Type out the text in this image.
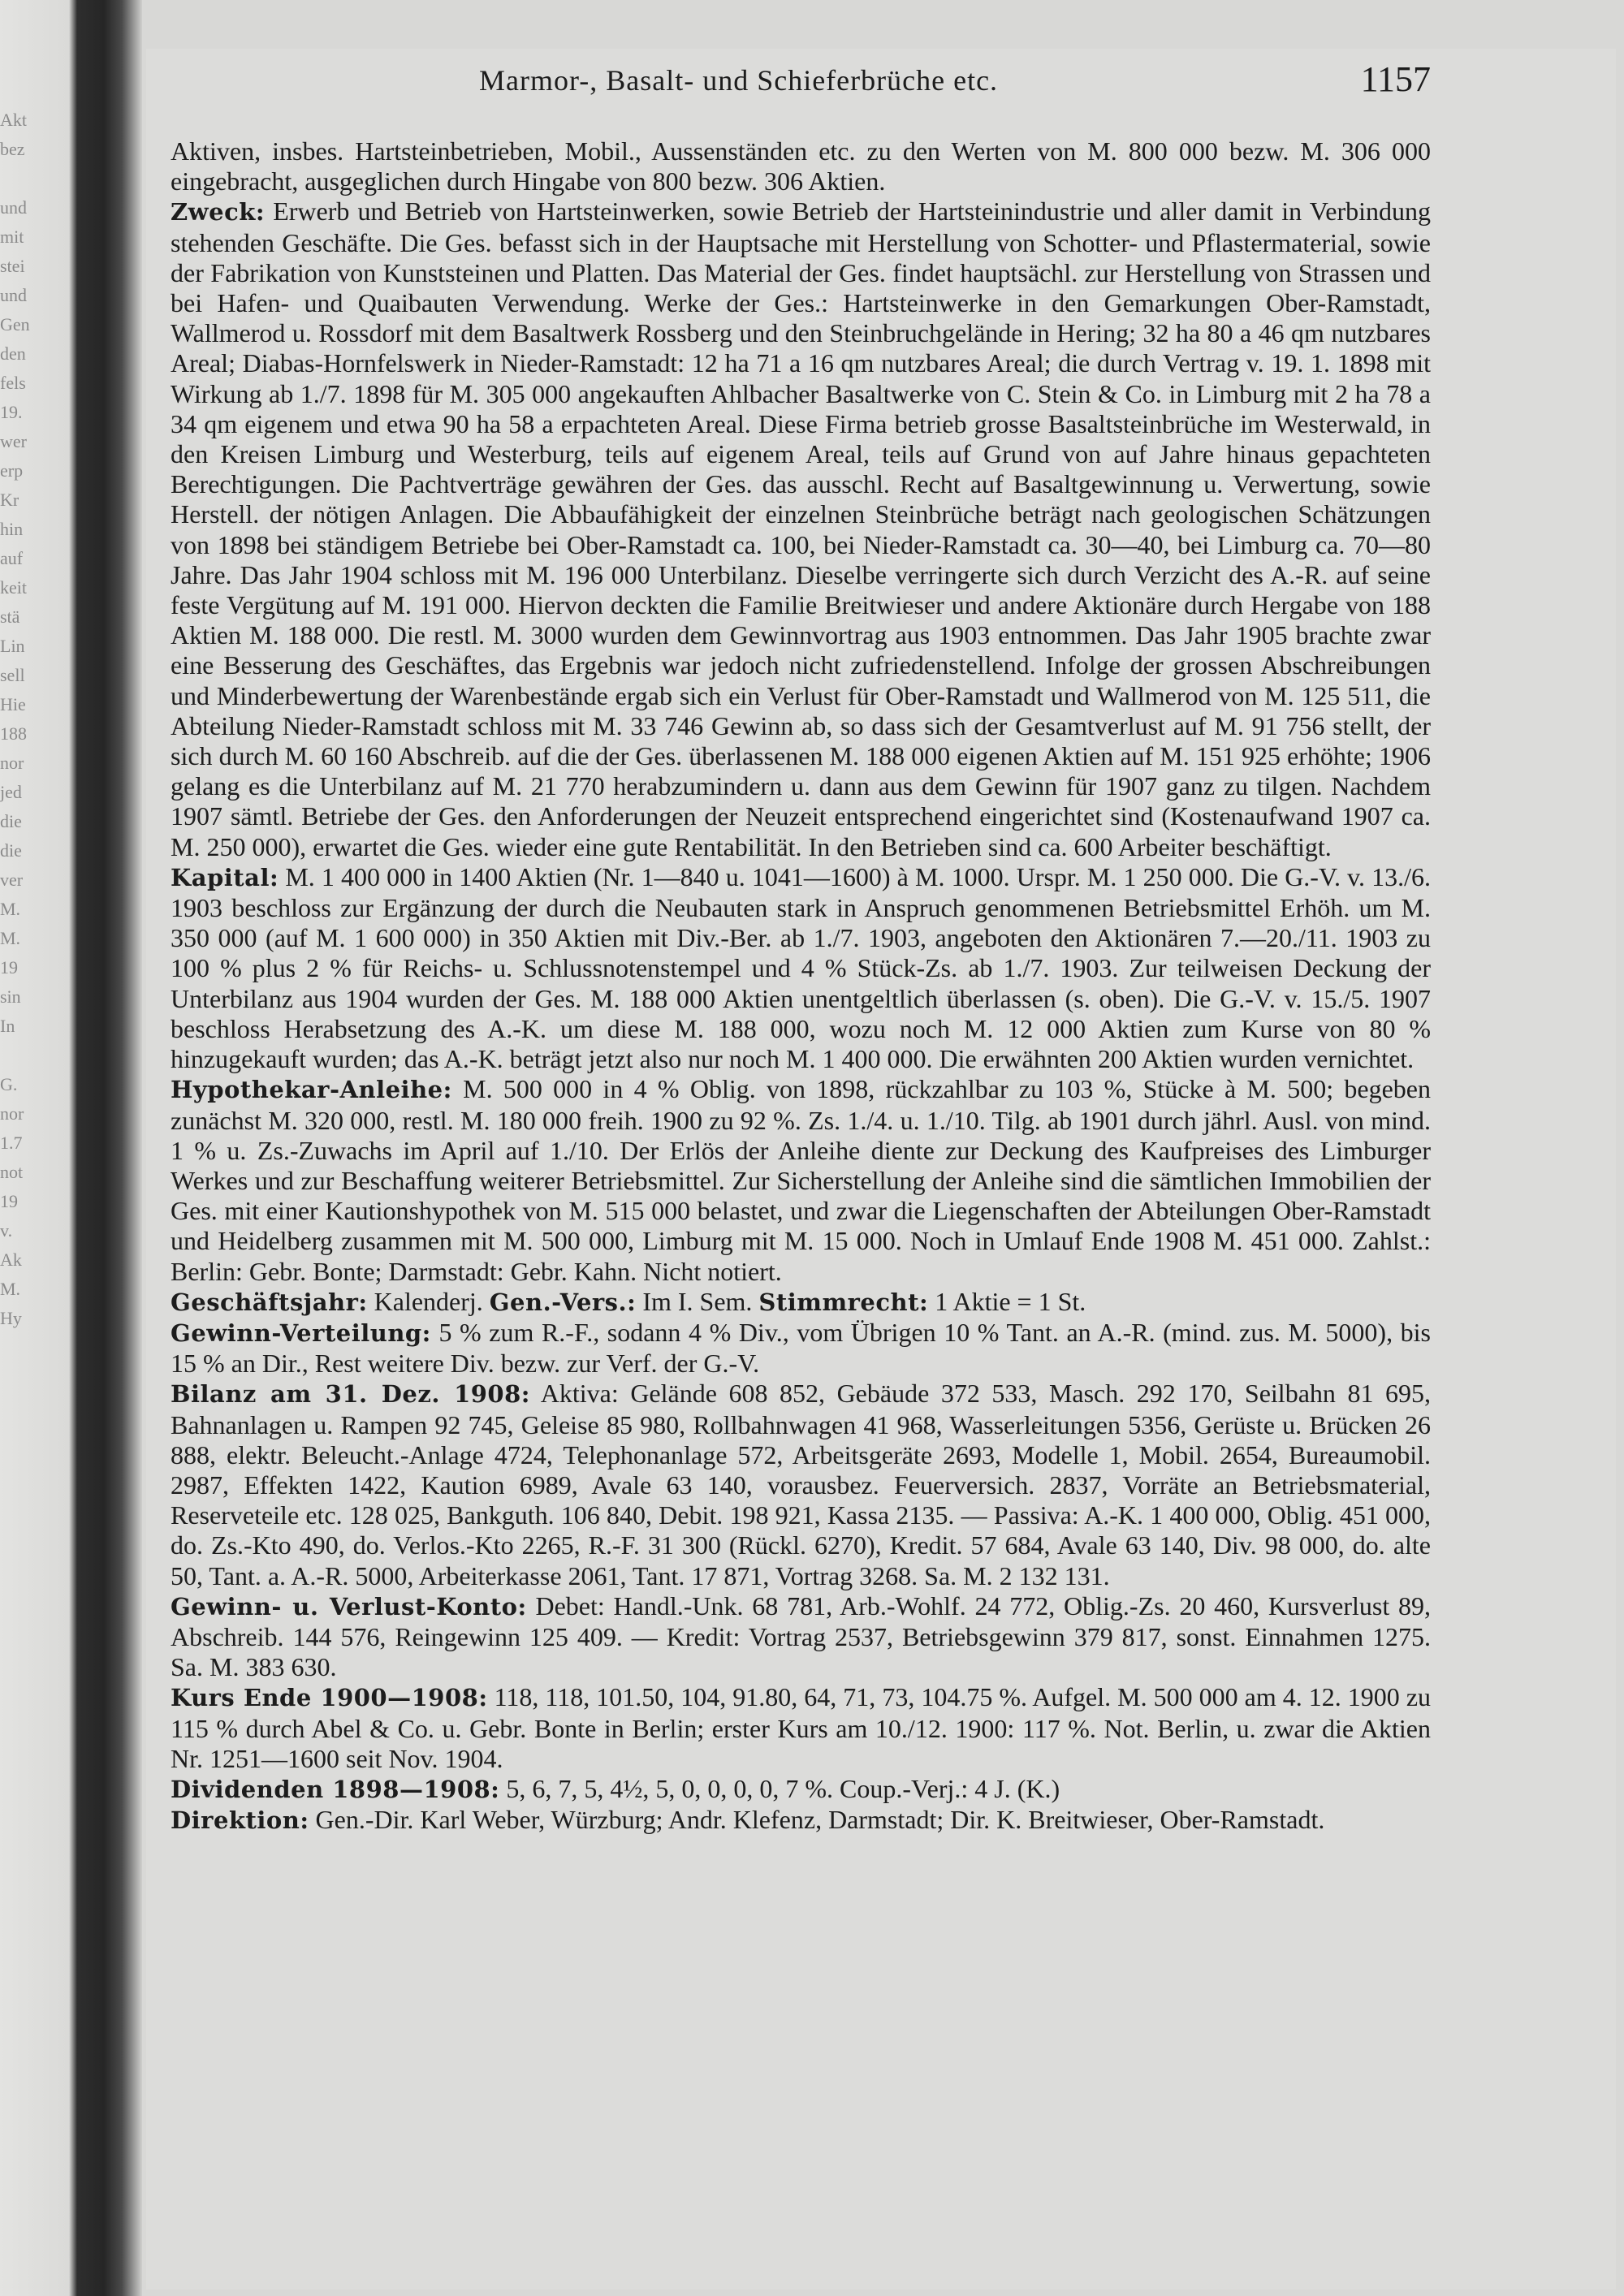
Akt
bez

und
mit
stei
und
Gen
den
fels
19.
wer
erp
Kr
hin
auf
keit
stä
Lin
sell
Hie
188
nor
jed
die
die
ver
M.
M.
19
sin
In

G.
nor
1.7
not
19
v.
Ak
M.
Hy
Marmor-, Basalt- und Schieferbrüche etc.	1157

Aktiven, insbes. Hartsteinbetrieben, Mobil., Aussenständen etc. zu den Werten von M. 800 000 bezw. M. 306 000 eingebracht, ausgeglichen durch Hingabe von 800 bezw. 306 Aktien.

Zweck: Erwerb und Betrieb von Hartsteinwerken, sowie Betrieb der Hartsteinindustrie und aller damit in Verbindung stehenden Geschäfte. Die Ges. befasst sich in der Hauptsache mit Herstellung von Schotter- und Pflastermaterial, sowie der Fabrikation von Kunststeinen und Platten. Das Material der Ges. findet hauptsächl. zur Herstellung von Strassen und bei Hafen- und Quaibauten Verwendung. Werke der Ges.: Hartsteinwerke in den Gemarkungen Ober-Ramstadt, Wallmerod u. Rossdorf mit dem Basaltwerk Rossberg und den Steinbruchgelände in Hering; 32 ha 80 a 46 qm nutzbares Areal; Diabas-Hornfelswerk in Nieder-Ramstadt: 12 ha 71 a 16 qm nutzbares Areal; die durch Vertrag v. 19. 1. 1898 mit Wirkung ab 1./7. 1898 für M. 305 000 angekauften Ahlbacher Basaltwerke von C. Stein & Co. in Limburg mit 2 ha 78 a 34 qm eigenem und etwa 90 ha 58 a erpachteten Areal. Diese Firma betrieb grosse Basaltsteinbrüche im Westerwald, in den Kreisen Limburg und Westerburg, teils auf eigenem Areal, teils auf Grund von auf Jahre hinaus gepachteten Berechtigungen. Die Pachtverträge gewähren der Ges. das ausschl. Recht auf Basaltgewinnung u. Verwertung, sowie Herstell. der nötigen Anlagen. Die Abbaufähigkeit der einzelnen Steinbrüche beträgt nach geologischen Schätzungen von 1898 bei ständigem Betriebe bei Ober-Ramstadt ca. 100, bei Nieder-Ramstadt ca. 30—40, bei Limburg ca. 70—80 Jahre. Das Jahr 1904 schloss mit M. 196 000 Unterbilanz. Dieselbe verringerte sich durch Verzicht des A.-R. auf seine feste Vergütung auf M. 191 000. Hiervon deckten die Familie Breitwieser und andere Aktionäre durch Hergabe von 188 Aktien M. 188 000. Die restl. M. 3000 wurden dem Gewinnvortrag aus 1903 entnommen. Das Jahr 1905 brachte zwar eine Besserung des Geschäftes, das Ergebnis war jedoch nicht zufriedenstellend. Infolge der grossen Abschreibungen und Minderbewertung der Warenbestände ergab sich ein Verlust für Ober-Ramstadt und Wallmerod von M. 125 511, die Abteilung Nieder-Ramstadt schloss mit M. 33 746 Gewinn ab, so dass sich der Gesamtverlust auf M. 91 756 stellt, der sich durch M. 60 160 Abschreib. auf die der Ges. überlassenen M. 188 000 eigenen Aktien auf M. 151 925 erhöhte; 1906 gelang es die Unterbilanz auf M. 21 770 herabzumindern u. dann aus dem Gewinn für 1907 ganz zu tilgen. Nachdem 1907 sämtl. Betriebe der Ges. den Anforderungen der Neuzeit entsprechend eingerichtet sind (Kostenaufwand 1907 ca. M. 250 000), erwartet die Ges. wieder eine gute Rentabilität. In den Betrieben sind ca. 600 Arbeiter beschäftigt.

Kapital: M. 1 400 000 in 1400 Aktien (Nr. 1—840 u. 1041—1600) à M. 1000. Urspr. M. 1 250 000. Die G.-V. v. 13./6. 1903 beschloss zur Ergänzung der durch die Neubauten stark in Anspruch genommenen Betriebsmittel Erhöh. um M. 350 000 (auf M. 1 600 000) in 350 Aktien mit Div.-Ber. ab 1./7. 1903, angeboten den Aktionären 7.—20./11. 1903 zu 100 % plus 2 % für Reichs- u. Schlussnotenstempel und 4 % Stück-Zs. ab 1./7. 1903. Zur teilweisen Deckung der Unterbilanz aus 1904 wurden der Ges. M. 188 000 Aktien unentgeltlich überlassen (s. oben). Die G.-V. v. 15./5. 1907 beschloss Herabsetzung des A.-K. um diese M. 188 000, wozu noch M. 12 000 Aktien zum Kurse von 80 % hinzugekauft wurden; das A.-K. beträgt jetzt also nur noch M. 1 400 000. Die erwähnten 200 Aktien wurden vernichtet.

Hypothekar-Anleihe: M. 500 000 in 4 % Oblig. von 1898, rückzahlbar zu 103 %, Stücke à M. 500; begeben zunächst M. 320 000, restl. M. 180 000 freih. 1900 zu 92 %. Zs. 1./4. u. 1./10. Tilg. ab 1901 durch jährl. Ausl. von mind. 1 % u. Zs.-Zuwachs im April auf 1./10. Der Erlös der Anleihe diente zur Deckung des Kaufpreises des Limburger Werkes und zur Beschaffung weiterer Betriebsmittel. Zur Sicherstellung der Anleihe sind die sämtlichen Immobilien der Ges. mit einer Kautionshypothek von M. 515 000 belastet, und zwar die Liegenschaften der Abteilungen Ober-Ramstadt und Heidelberg zusammen mit M. 500 000, Limburg mit M. 15 000. Noch in Umlauf Ende 1908 M. 451 000. Zahlst.: Berlin: Gebr. Bonte; Darmstadt: Gebr. Kahn. Nicht notiert.

Geschäftsjahr: Kalenderj. Gen.-Vers.: Im I. Sem. Stimmrecht: 1 Aktie = 1 St.

Gewinn-Verteilung: 5 % zum R.-F., sodann 4 % Div., vom Übrigen 10 % Tant. an A.-R. (mind. zus. M. 5000), bis 15 % an Dir., Rest weitere Div. bezw. zur Verf. der G.-V.

Bilanz am 31. Dez. 1908: Aktiva: Gelände 608 852, Gebäude 372 533, Masch. 292 170, Seilbahn 81 695, Bahnanlagen u. Rampen 92 745, Geleise 85 980, Rollbahnwagen 41 968, Wasserleitungen 5356, Gerüste u. Brücken 26 888, elektr. Beleucht.-Anlage 4724, Telephonanlage 572, Arbeitsgeräte 2693, Modelle 1, Mobil. 2654, Bureaumobil. 2987, Effekten 1422, Kaution 6989, Avale 63 140, vorausbez. Feuerversich. 2837, Vorräte an Betriebsmaterial, Reserveteile etc. 128 025, Bankguth. 106 840, Debit. 198 921, Kassa 2135. — Passiva: A.-K. 1 400 000, Oblig. 451 000, do. Zs.-Kto 490, do. Verlos.-Kto 2265, R.-F. 31 300 (Rückl. 6270), Kredit. 57 684, Avale 63 140, Div. 98 000, do. alte 50, Tant. a. A.-R. 5000, Arbeiterkasse 2061, Tant. 17 871, Vortrag 3268. Sa. M. 2 132 131.

Gewinn- u. Verlust-Konto: Debet: Handl.-Unk. 68 781, Arb.-Wohlf. 24 772, Oblig.-Zs. 20 460, Kursverlust 89, Abschreib. 144 576, Reingewinn 125 409. — Kredit: Vortrag 2537, Betriebsgewinn 379 817, sonst. Einnahmen 1275. Sa. M. 383 630.

Kurs Ende 1900—1908: 118, 118, 101.50, 104, 91.80, 64, 71, 73, 104.75 %. Aufgel. M. 500 000 am 4. 12. 1900 zu 115 % durch Abel & Co. u. Gebr. Bonte in Berlin; erster Kurs am 10./12. 1900: 117 %. Not. Berlin, u. zwar die Aktien Nr. 1251—1600 seit Nov. 1904.

Dividenden 1898—1908: 5, 6, 7, 5, 4½, 5, 0, 0, 0, 0, 7 %. Coup.-Verj.: 4 J. (K.)

Direktion: Gen.-Dir. Karl Weber, Würzburg; Andr. Klefenz, Darmstadt; Dir. K. Breitwieser, Ober-Ramstadt.
